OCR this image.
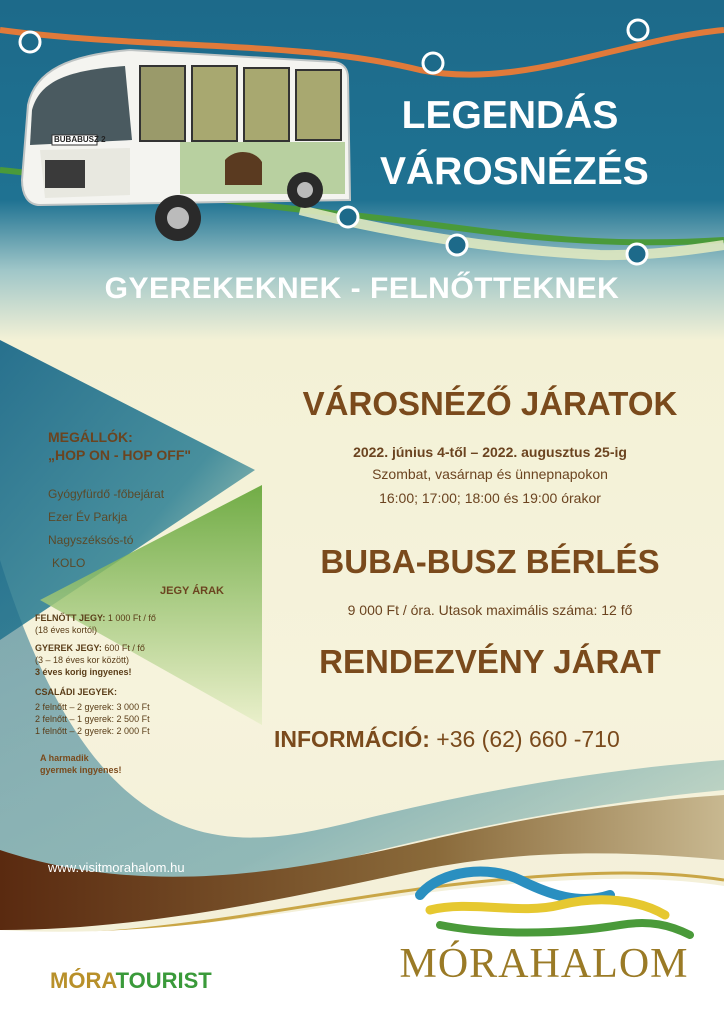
LEGENDÁS
VÁROSNÉZÉS
GYEREKEKNEK - FELNŐTTEKNEK
BUBABUSZ 2
MEGÁLLÓK:
„HOP ON - HOP OFF"
Gyógyfürdő -főbejárat
Ezer Év Parkja
Nagyszéksós-tó
KOLO
JEGY ÁRAK
FELNŐTT JEGY: 1 000 Ft / fő
(18 éves kortól)
GYEREK JEGY: 600 Ft / fő
(3 – 18 éves kor között)
3 éves korig ingyenes!
CSALÁDI JEGYEK:
2 felnőtt – 2 gyerek: 3 000 Ft
2 felnőtt – 1 gyerek: 2 500 Ft
1 felnőtt – 2 gyerek: 2 000 Ft
A harmadik
gyermek ingyenes!
VÁROSNÉZŐ JÁRATOK
2022. június 4-től – 2022. augusztus 25-ig
Szombat, vasárnap és ünnepnapokon
16:00; 17:00; 18:00 és 19:00 órakor
BUBA-BUSZ BÉRLÉS
9 000 Ft / óra. Utasok maximális száma: 12 fő
RENDEZVÉNY JÁRAT
INFORMÁCIÓ: +36 (62) 660 -710
www.visitmorahalom.hu
MÓRATOURIST	MÓRAHALOM
